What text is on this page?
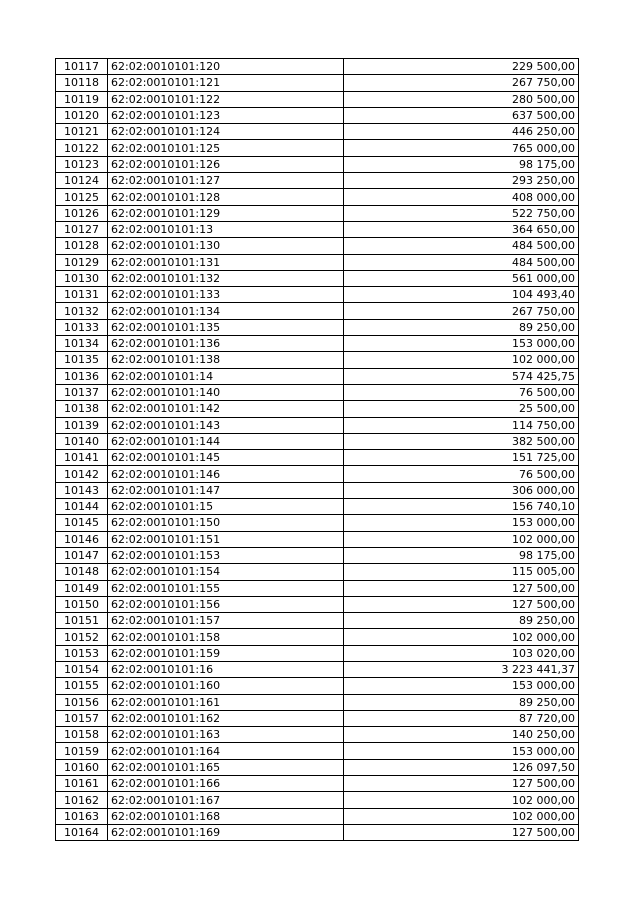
10117	62:02:0010101:120	229 500,00
10118	62:02:0010101:121	267 750,00
10119	62:02:0010101:122	280 500,00
10120	62:02:0010101:123	637 500,00
10121	62:02:0010101:124	446 250,00
10122	62:02:0010101:125	765 000,00
10123	62:02:0010101:126	98 175,00
10124	62:02:0010101:127	293 250,00
10125	62:02:0010101:128	408 000,00
10126	62:02:0010101:129	522 750,00
10127	62:02:0010101:13	364 650,00
10128	62:02:0010101:130	484 500,00
10129	62:02:0010101:131	484 500,00
10130	62:02:0010101:132	561 000,00
10131	62:02:0010101:133	104 493,40
10132	62:02:0010101:134	267 750,00
10133	62:02:0010101:135	89 250,00
10134	62:02:0010101:136	153 000,00
10135	62:02:0010101:138	102 000,00
10136	62:02:0010101:14	574 425,75
10137	62:02:0010101:140	76 500,00
10138	62:02:0010101:142	25 500,00
10139	62:02:0010101:143	114 750,00
10140	62:02:0010101:144	382 500,00
10141	62:02:0010101:145	151 725,00
10142	62:02:0010101:146	76 500,00
10143	62:02:0010101:147	306 000,00
10144	62:02:0010101:15	156 740,10
10145	62:02:0010101:150	153 000,00
10146	62:02:0010101:151	102 000,00
10147	62:02:0010101:153	98 175,00
10148	62:02:0010101:154	115 005,00
10149	62:02:0010101:155	127 500,00
10150	62:02:0010101:156	127 500,00
10151	62:02:0010101:157	89 250,00
10152	62:02:0010101:158	102 000,00
10153	62:02:0010101:159	103 020,00
10154	62:02:0010101:16	3 223 441,37
10155	62:02:0010101:160	153 000,00
10156	62:02:0010101:161	89 250,00
10157	62:02:0010101:162	87 720,00
10158	62:02:0010101:163	140 250,00
10159	62:02:0010101:164	153 000,00
10160	62:02:0010101:165	126 097,50
10161	62:02:0010101:166	127 500,00
10162	62:02:0010101:167	102 000,00
10163	62:02:0010101:168	102 000,00
10164	62:02:0010101:169	127 500,00
